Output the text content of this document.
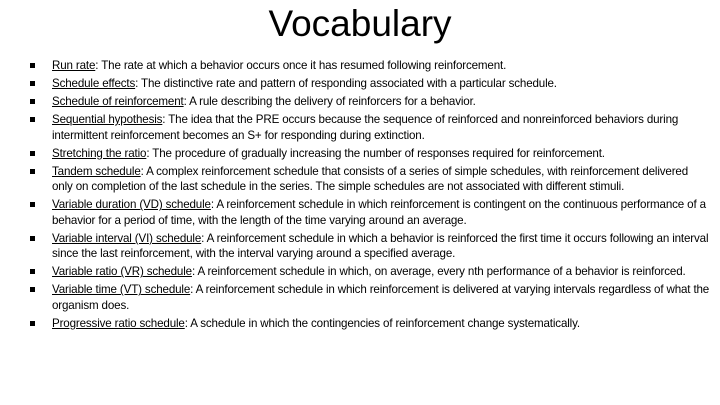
Vocabulary
Run rate: The rate at which a behavior occurs once it has resumed following reinforcement.
Schedule effects: The distinctive rate and pattern of responding associated with a particular schedule.
Schedule of reinforcement: A rule describing the delivery of reinforcers for a behavior.
Sequential hypothesis: The idea that the PRE occurs because the sequence of reinforced and nonreinforced behaviors during intermittent reinforcement becomes an S+ for responding during extinction.
Stretching the ratio: The procedure of gradually increasing the number of responses required for reinforcement.
Tandem schedule: A complex reinforcement schedule that consists of a series of simple schedules, with reinforcement delivered only on completion of the last schedule in the series. The simple schedules are not associated with different stimuli.
Variable duration (VD) schedule: A reinforcement schedule in which reinforcement is contingent on the continuous performance of a behavior for a period of time, with the length of the time varying around an average.
Variable interval (VI) schedule: A reinforcement schedule in which a behavior is reinforced the first time it occurs following an interval since the last reinforcement, with the interval varying around a specified average.
Variable ratio (VR) schedule: A reinforcement schedule in which, on average, every nth performance of a behavior is reinforced.
Variable time (VT) schedule: A reinforcement schedule in which reinforcement is delivered at varying intervals regardless of what the organism does.
Progressive ratio schedule: A schedule in which the contingencies of reinforcement change systematically.
